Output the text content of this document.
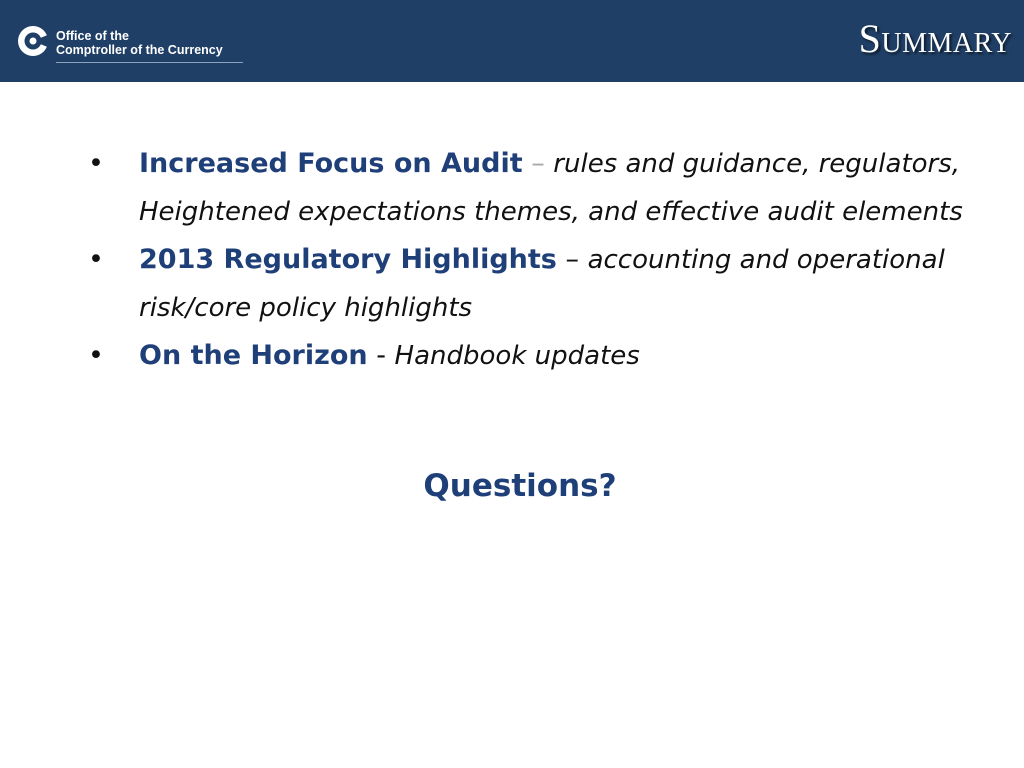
Office of the
Comptroller of the Currency	Summary
• Increased Focus on Audit – rules and guidance, regulators, Heightened expectations themes, and effective audit elements
• 2013 Regulatory Highlights – accounting and operational risk/core policy highlights
• On the Horizon - Handbook updates
Questions?
